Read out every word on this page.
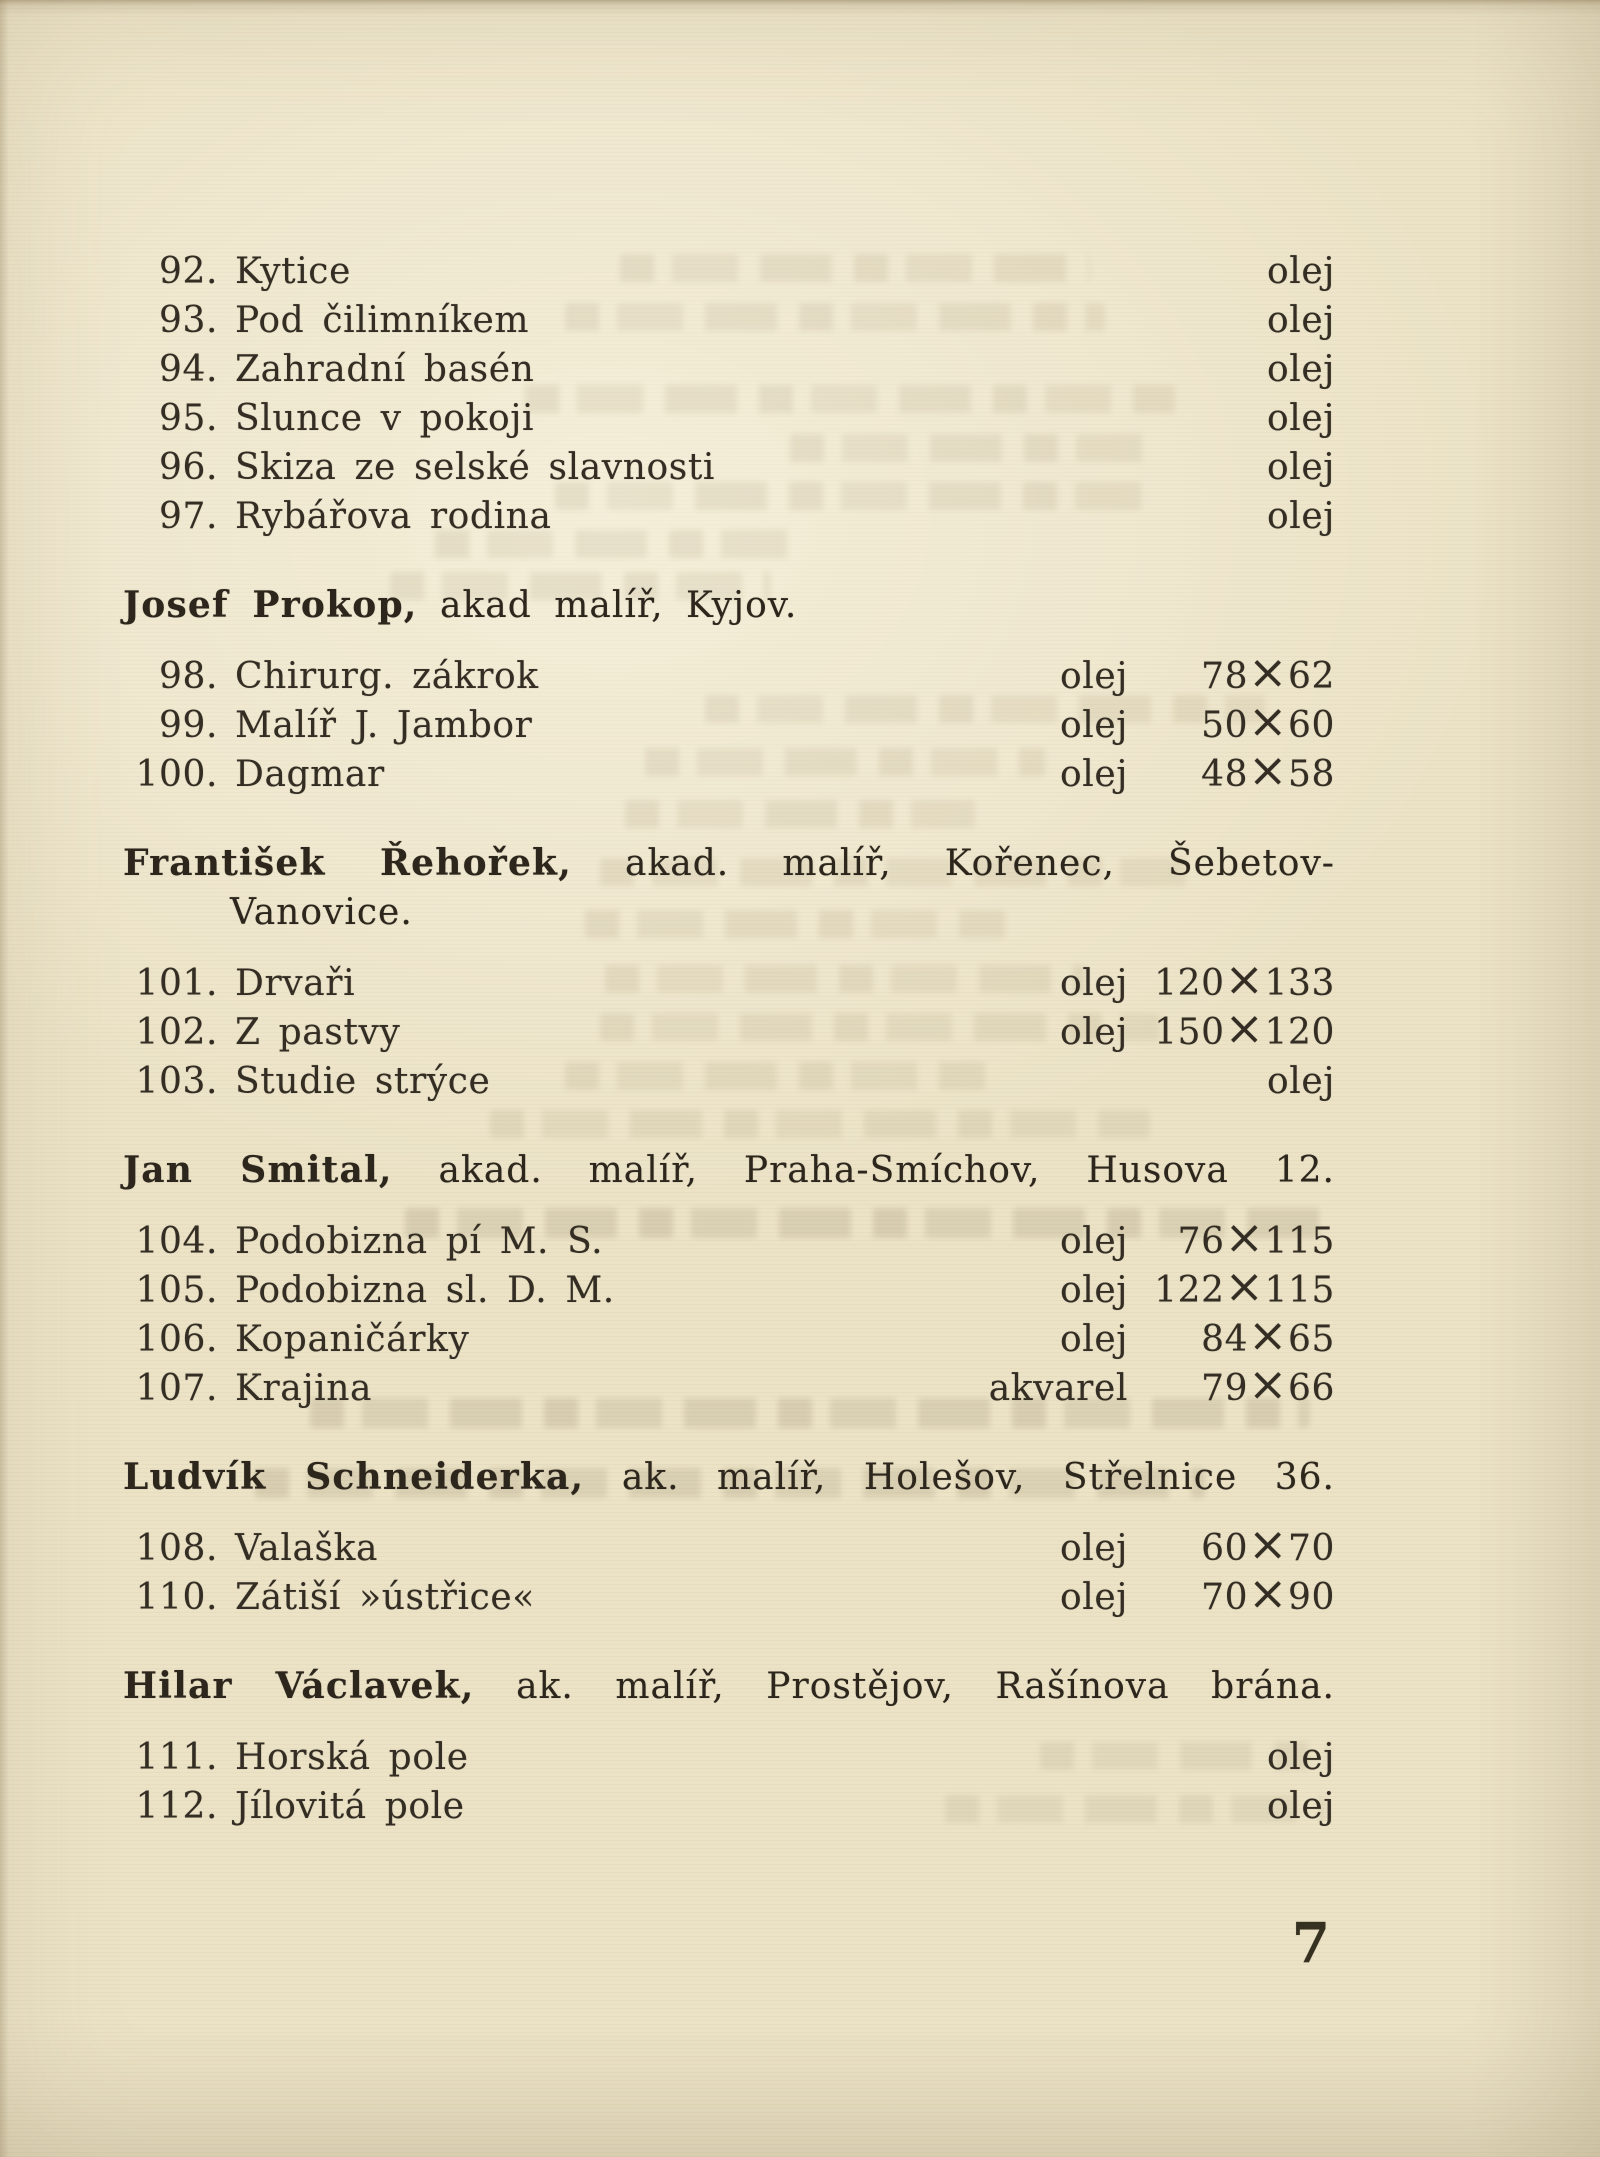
92. Kytice	olej
93. Pod čilimníkem	olej
94. Zahradní basén	olej
95. Slunce v pokoji	olej
96. Skiza ze selské slavnosti	olej
97. Rybářova rodina	olej
Josef Prokop, akad malíř, Kyjov.
98. Chirurg. zákrok	olej	78×62
99. Malíř J. Jambor	olej	50×60
100. Dagmar	olej	48×58
František Řehořek, akad. malíř, Kořenec, Šebetov-
Vanovice.
101. Drvaři	olej 120×133
102. Z pastvy	olej 150×120
103. Studie strýce	olej
Jan Smital, akad. malíř, Praha-Smíchov, Husova 12.
104. Podobizna pí M. S.	olej	76×115
105. Podobizna sl. D. M.	olej 122×115
106. Kopaničárky	olej	84×65
107. Krajina	akvarel	79×66
Ludvík Schneiderka, ak. malíř, Holešov, Střelnice 36.
108. Valaška	olej	60×70
110. Zátiší »ústřice«	olej	70×90
Hilar Václavek, ak. malíř, Prostějov, Rašínova brána.
111. Horská pole	olej
112. Jílovitá pole	olej
7
